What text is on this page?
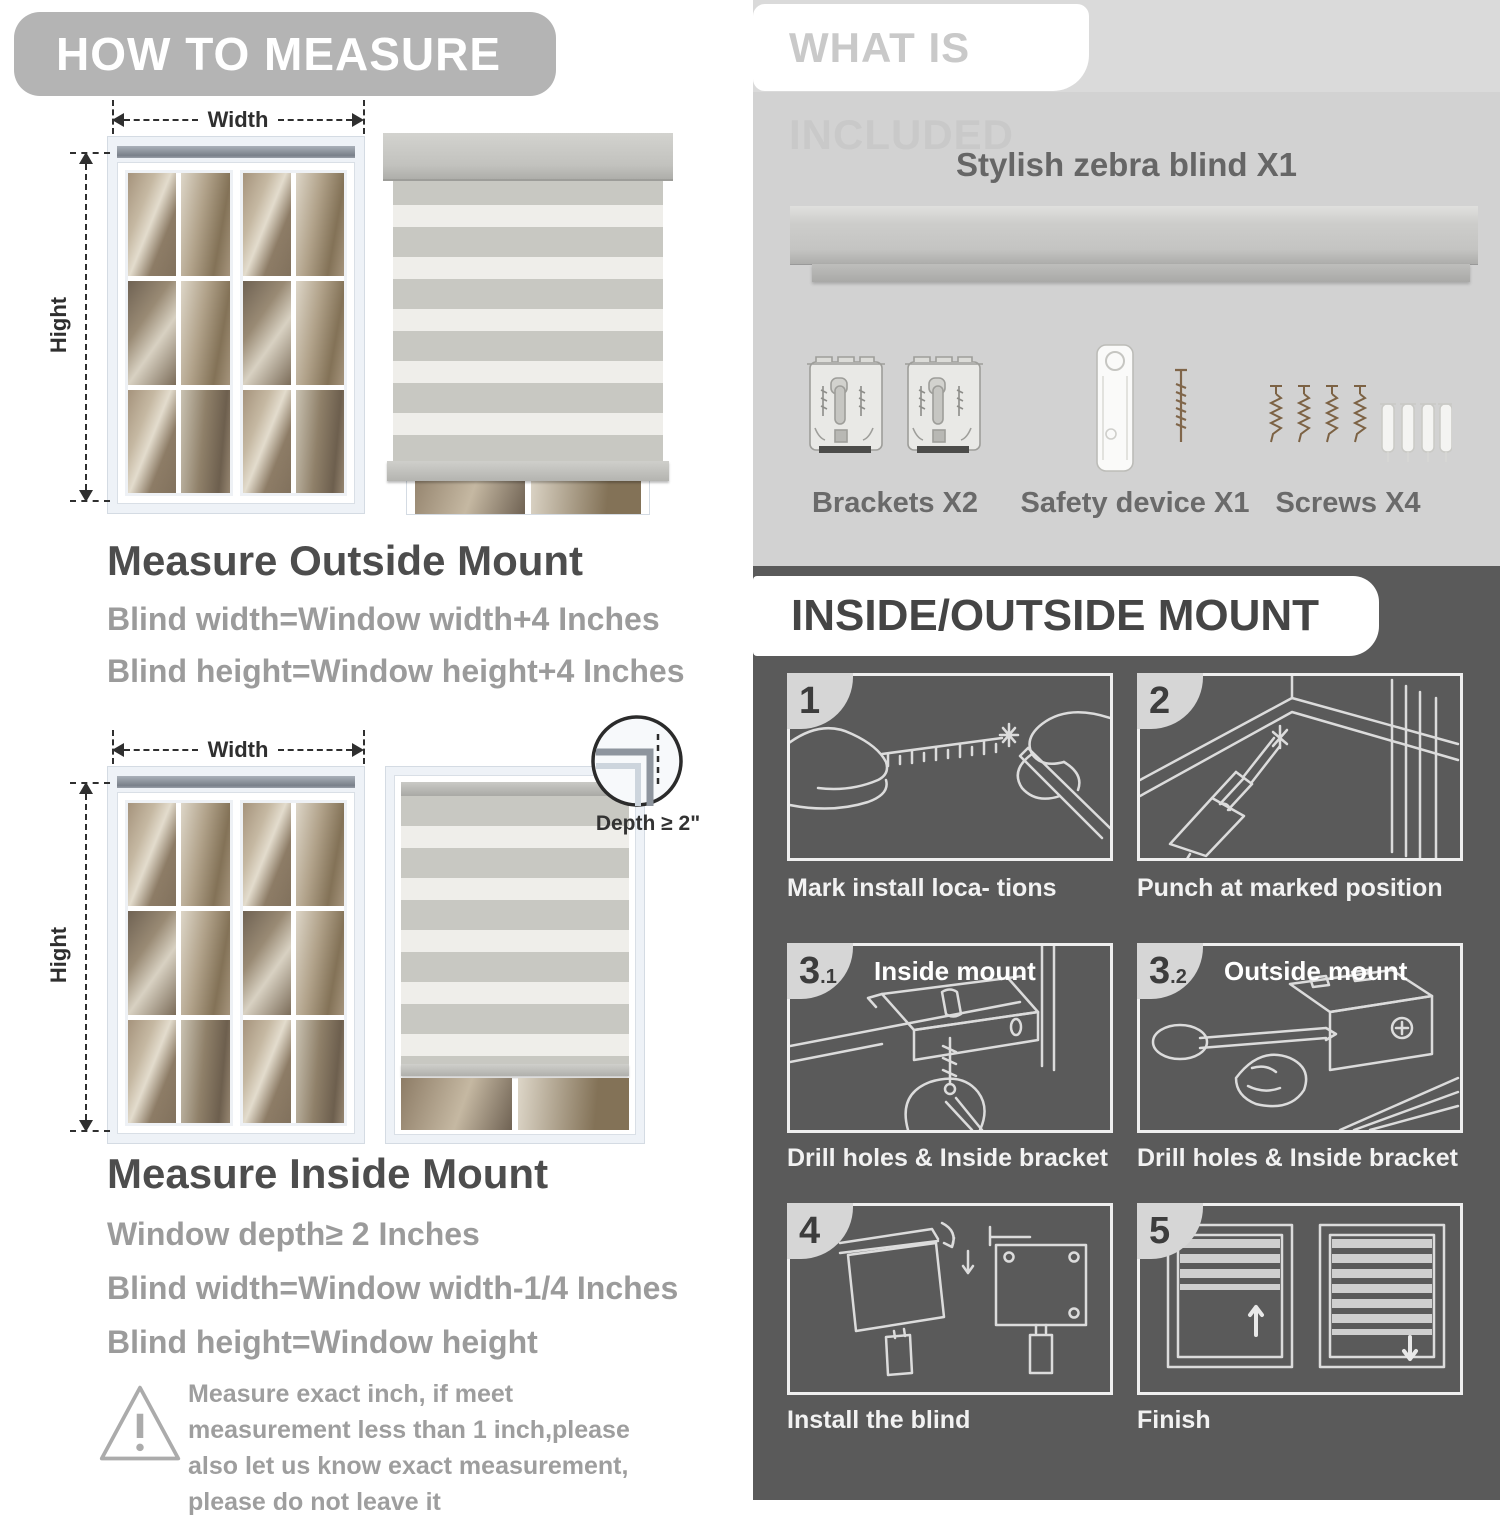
HOW TO MEASURE
Width
Hight
Measure Outside Mount
Blind width=Window width+4 Inches
Blind height=Window height+4 Inches
Width
Hight
Depth ≥ 2"
Measure Inside Mount
Window depth≥ 2 Inches
Blind width=Window width-1/4 Inches
Blind height=Window height
Measure exact inch, if meet measurement less than 1 inch,please also let us know exact measurement, please do not leave it
WHAT IS INCLUDED
Stylish zebra blind X1
Brackets X2	Safety device X1 Screws X4
INSIDE/OUTSIDE MOUNT
1
Mark install loca- tions
2
Punch at marked position
3 .1 Inside mount
Drill holes & Inside bracket
3 .2 Outside mount
Drill holes & Inside bracket
4
Install the blind
5
Finish
